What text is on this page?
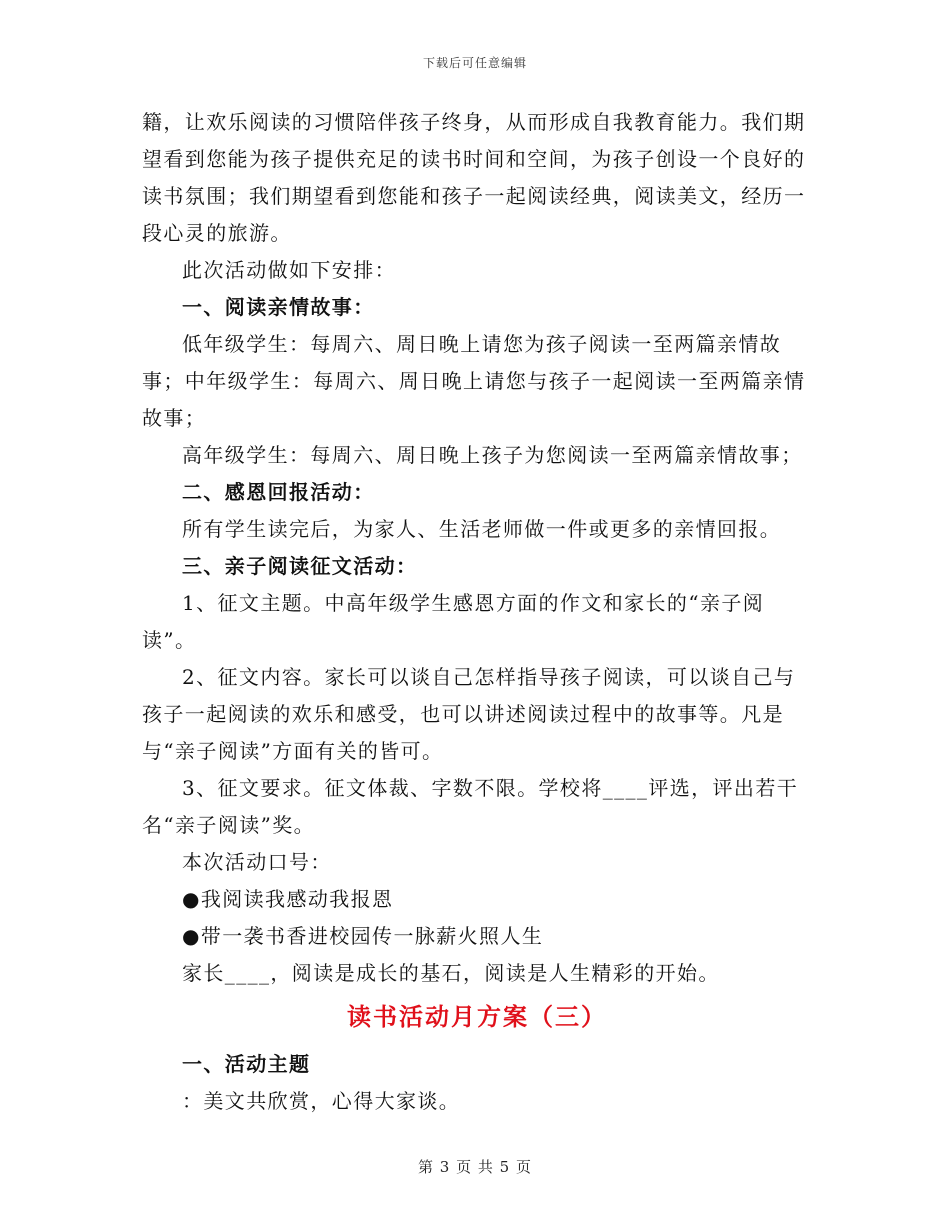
下载后可任意编辑

籍，让欢乐阅读的习惯陪伴孩子终身，从而形成自我教育能力。我们期望看到您能为孩子提供充足的读书时间和空间，为孩子创设一个良好的读书氛围；我们期望看到您能和孩子一起阅读经典，阅读美文，经历一段心灵的旅游。

此次活动做如下安排：

一、阅读亲情故事：

低年级学生：每周六、周日晚上请您为孩子阅读一至两篇亲情故事；中年级学生：每周六、周日晚上请您与孩子一起阅读一至两篇亲情故事；

高年级学生：每周六、周日晚上孩子为您阅读一至两篇亲情故事；

二、感恩回报活动：

所有学生读完后，为家人、生活老师做一件或更多的亲情回报。

三、亲子阅读征文活动：

1、征文主题。中高年级学生感恩方面的作文和家长的“亲子阅读”。

2、征文内容。家长可以谈自己怎样指导孩子阅读，可以谈自己与孩子一起阅读的欢乐和感受，也可以讲述阅读过程中的故事等。凡是与“亲子阅读”方面有关的皆可。

3、征文要求。征文体裁、字数不限。学校将____评选，评出若干名“亲子阅读”奖。

本次活动口号：

●我阅读我感动我报恩

●带一袭书香进校园传一脉薪火照人生

家长____，阅读是成长的基石，阅读是人生精彩的开始。

读书活动月方案（三）

一、活动主题

：美文共欣赏，心得大家谈。

第 3 页 共 5 页
